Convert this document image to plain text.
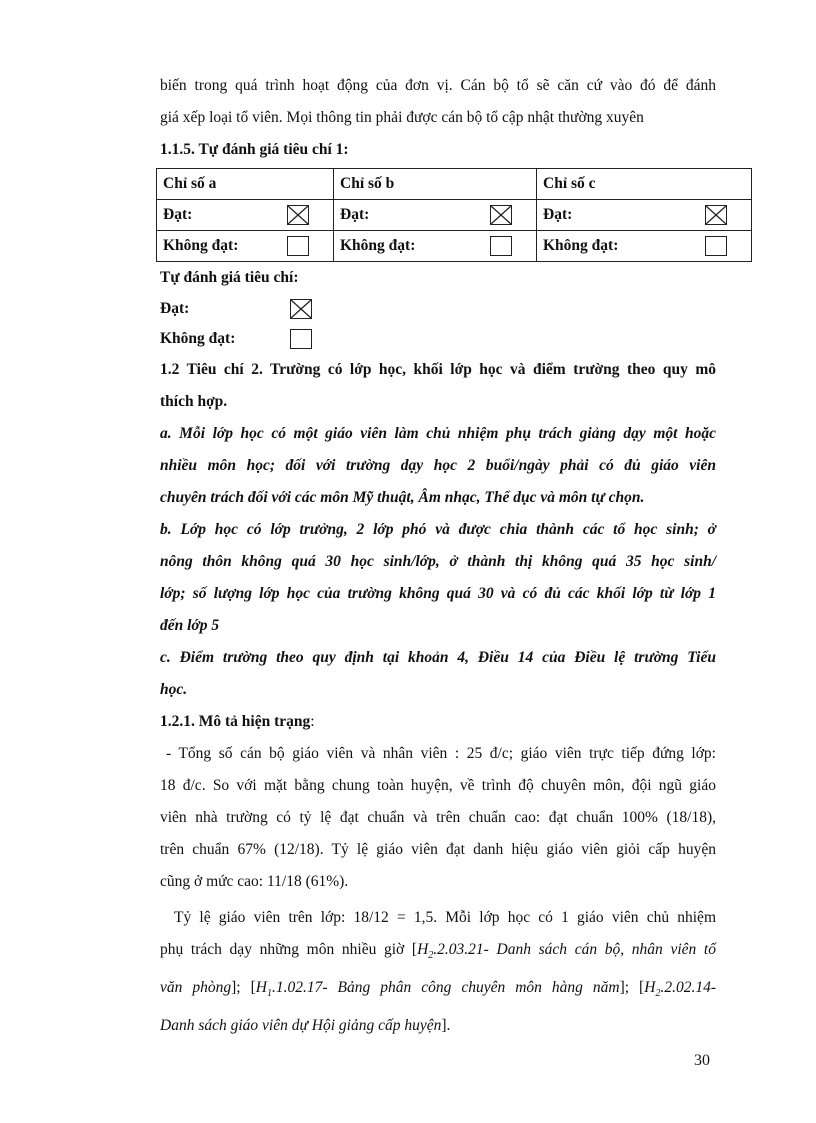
biến trong quá trình hoạt động của đơn vị. Cán bộ tổ sẽ căn cứ vào đó để đánh

giá xếp loại tổ viên. Mọi thông tin phải được cán bộ tổ cập nhật thường xuyên

1.1.5. Tự đánh giá tiêu chí 1:

Chỉ số a	Chỉ số b	Chỉ số c

Đạt:	Đạt:	Đạt:

Không đạt:	Không đạt:	Không đạt:

Tự đánh giá tiêu chí:

Đạt:
Không đạt:

1.2 Tiêu chí 2. Trường có lớp học, khối lớp học và điểm trường theo quy mô

thích hợp.

a. Mỗi lớp học có một giáo viên làm chủ nhiệm phụ trách giảng dạy một hoặc

nhiều môn học; đối với trường dạy học 2 buổi/ngày phải có đủ giáo viên

chuyên trách đối với các môn Mỹ thuật, Âm nhạc, Thể dục và môn tự chọn.

b. Lớp học có lớp trưởng, 2 lớp phó và được chia thành các tổ học sinh; ở

nông thôn không quá 30 học sinh/lớp, ở thành thị không quá 35 học sinh/

lớp; số lượng lớp học của trường không quá 30 và có đủ các khối lớp từ lớp 1

đến lớp 5

c. Điểm trường theo quy định tại khoản 4, Điều 14 của Điều lệ trường Tiểu

học.

1.2.1. Mô tả hiện trạng:

- Tổng số cán bộ giáo viên và nhân viên : 25 đ/c; giáo viên trực tiếp đứng lớp:

18 đ/c. So với mặt bằng chung toàn huyện, về trình độ chuyên môn, đội ngũ giáo

viên nhà trường có tỷ lệ đạt chuẩn và trên chuẩn cao: đạt chuẩn 100% (18/18),

trên chuẩn 67% (12/18). Tỷ lệ giáo viên đạt danh hiệu giáo viên giỏi cấp huyện

cũng ở mức cao: 11/18 (61%).

Tỷ lệ giáo viên trên lớp: 18/12 = 1,5. Mỗi lớp học có 1 giáo viên chủ nhiệm

phụ trách dạy những môn nhiều giờ [$H_2.2.03.21-$ Danh sách cán bộ, nhân viên tổ

văn phòng]; [$H_1.1.02.17-$ Bảng phân công chuyên môn hàng năm]; [$H_2.2.02.14-$

Danh sách giáo viên dự Hội giảng cấp huyện].

30
